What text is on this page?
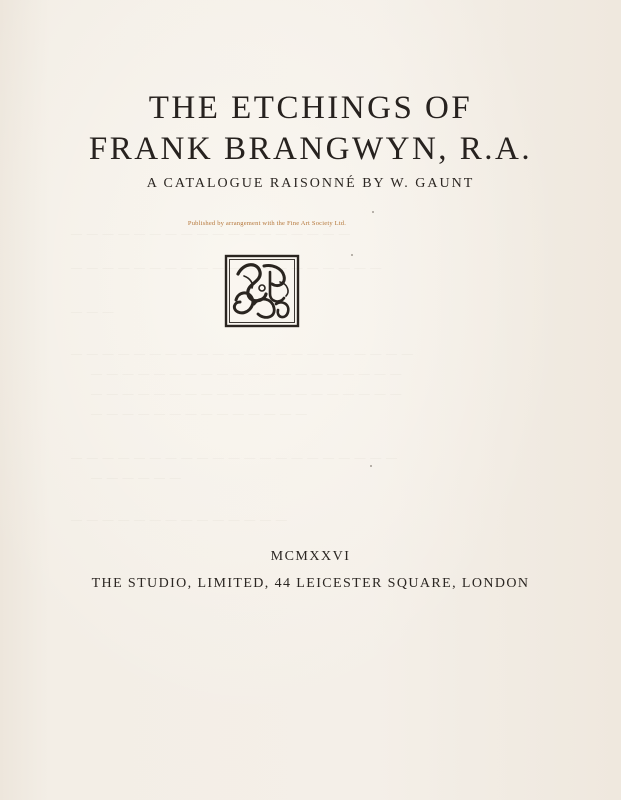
— — — — — — — — — — — — — — — — — —
— — — — — — — — — — — — — — — — — — — —
— — —
— — — — — — — — — — — — — — — — — — — — — —
— — — — — — — — — — — — — — — — — — — —
— — — — — — — — — — — — — — — — — — — —
— — — — — — — — — — — — — —
— — — — — — — — — — — — — — — — — — — — —
— — — — — —
— — — — — — — — — — — — — —
THE ETCHINGS OF
FRANK BRANGWYN, R.A.
A CATALOGUE RAISONNÉ BY W. GAUNT
Published by arrangement with the Fine Art Society Ltd.
MCMXXVI
THE STUDIO, LIMITED, 44 LEICESTER SQUARE, LONDON
